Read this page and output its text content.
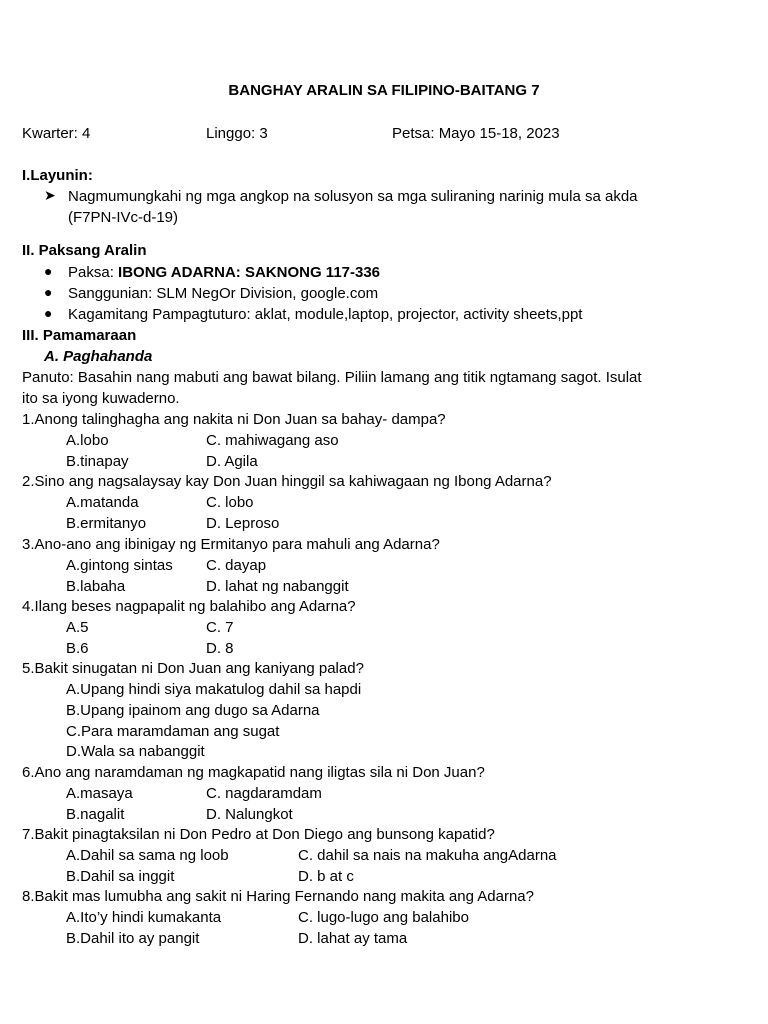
BANGHAY ARALIN SA FILIPINO-BAITANG 7
Kwarter: 4	Linggo: 3	Petsa: Mayo 15-18, 2023
I.Layunin:
➤ Nagmumungkahi ng mga angkop na solusyon sa mga suliraning narinig mula sa akda
(F7PN-IVc-d-19)
II. Paksang Aralin
● Paksa: IBONG ADARNA: SAKNONG 117-336
● Sanggunian: SLM NegOr Division, google.com
● Kagamitang Pampagtuturo: aklat, module,laptop, projector, activity sheets,ppt
III. Pamamaraan
A. Paghahanda
Panuto: Basahin nang mabuti ang bawat bilang. Piliin lamang ang titik ngtamang sagot. Isulat
ito sa iyong kuwaderno.
1.Anong talinghagha ang nakita ni Don Juan sa bahay- dampa?
A.lobo	C. mahiwagang aso
B.tinapay	D. Agila
2.Sino ang nagsalaysay kay Don Juan hinggil sa kahiwagaan ng Ibong Adarna?
A.matanda	C. lobo
B.ermitanyo	D. Leproso
3.Ano-ano ang ibinigay ng Ermitanyo para mahuli ang Adarna?
A.gintong sintas C. dayap
B.labaha	D. lahat ng nabanggit
4.Ilang beses nagpapalit ng balahibo ang Adarna?
A.5	C. 7
B.6	D. 8
5.Bakit sinugatan ni Don Juan ang kaniyang palad?
A.Upang hindi siya makatulog dahil sa hapdi
B.Upang ipainom ang dugo sa Adarna
C.Para maramdaman ang sugat
D.Wala sa nabanggit
6.Ano ang naramdaman ng magkapatid nang iligtas sila ni Don Juan?
A.masaya	C. nagdaramdam
B.nagalit	D. Nalungkot
7.Bakit pinagtaksilan ni Don Pedro at Don Diego ang bunsong kapatid?
A.Dahil sa sama ng loob	C. dahil sa nais na makuha angAdarna
B.Dahil sa inggit	D. b at c
8.Bakit mas lumubha ang sakit ni Haring Fernando nang makita ang Adarna?
A.Ito’y hindi kumakanta	C. lugo-lugo ang balahibo
B.Dahil ito ay pangit	D. lahat ay tama
